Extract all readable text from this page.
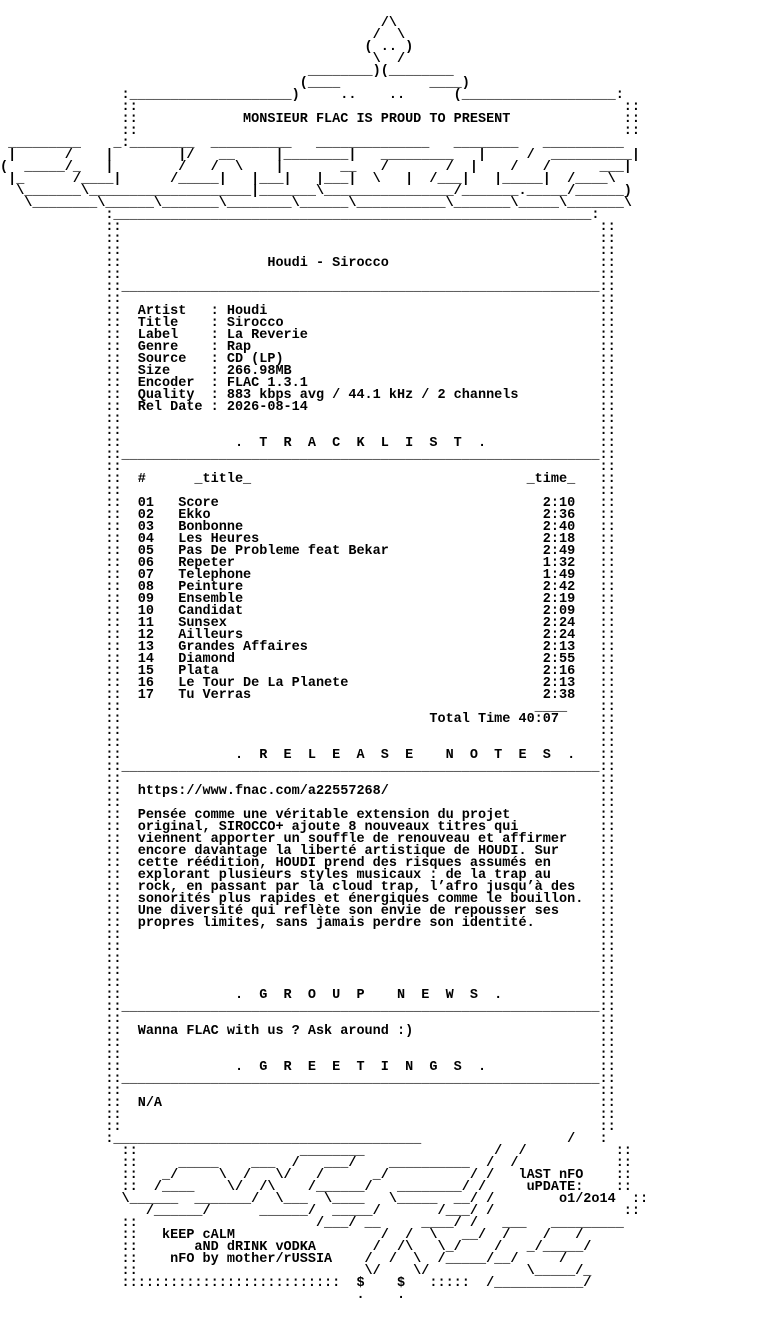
/\
/  \
( .. )
\  /
________)(________
(____           ____)
:____________________)     ..    ..      (___________________:
::                                                            ::
::             MONSIEUR FLAC IS PROUD TO PRESENT              ::
::                                                            ::
_________    _:________  __________   ______________   ________   __________
|      /    |        |/   __     |________|   _________   |     /  __________|
(  _____/_   |        /   /  \    |       __   /       /  |    /   /      ___|
|_      /____|      /_____|   |___|   |___|  \   |  /___|   |_____|  /____\
\_______\____________________|_______\________________/_______._____/______)
\________\______\_______\________\______\___________\_______\_____\_______\
:___________________________________________________________:
::                                                           ::
::                                                           ::
::                                                           ::
::                  Houdi - Sirocco                          ::
::                                                           ::
::___________________________________________________________::
::                                                           ::
::  Artist   : Houdi                                         ::
::  Title    : Sirocco                                       ::
::  Label    : La Reverie                                    ::
::  Genre    : Rap                                           ::
::  Source   : CD (LP)                                       ::
::  Size     : 266.98MB                                      ::
::  Encoder  : FLAC 1.3.1                                    ::
::  Quality  : 883 kbps avg / 44.1 kHz / 2 channels          ::
::  Rel Date : 2026-08-14                                    ::
::                                                           ::
::                                                           ::
::              .  T  R  A  C  K  L  I  S  T  .              ::
::___________________________________________________________::
::                                                           ::
::  #      _title_                                  _time_   ::
::                                                           ::
::  01   Score                                        2:10   ::
::  02   Ekko                                         2:36   ::
::  03   Bonbonne                                     2:40   ::
::  04   Les Heures                                   2:18   ::
::  05   Pas De Probleme feat Bekar                   2:49   ::
::  06   Repeter                                      1:32   ::
::  07   Telephone                                    1:49   ::
::  08   Peinture                                     2:42   ::
::  09   Ensemble                                     2:19   ::
::  10   Candidat                                     2:09   ::
::  11   Sunsex                                       2:24   ::
::  12   Ailleurs                                     2:24   ::
::  13   Grandes Affaires                             2:13   ::
::  14   Diamond                                      2:55   ::
::  15   Plata                                        2:16   ::
::  16   Le Tour De La Planete                        2:13   ::
::  17   Tu Verras                                    2:38   ::
::                                                   ____    ::
::                                      Total Time 40:07     ::
::                                                           ::
::                                                           ::
::              .  R  E  L  E  A  S  E    N  O  T  E  S  .   ::
::___________________________________________________________::
::                                                           ::
::  https://www.fnac.com/a22557268/                          ::
::                                                           ::
::  Pensée comme une véritable extension du projet           ::
::  original, SIROCCO+ ajoute 8 nouveaux titres qui          ::
::  viennent apporter un souffle de renouveau et affirmer    ::
::  encore davantage la liberté artistique de HOUDI. Sur     ::
::  cette réédition, HOUDI prend des risques assumés en      ::
::  explorant plusieurs styles musicaux : de la trap au      ::
::  rock, en passant par la cloud trap, l’afro jusqu’à des   ::
::  sonorités plus rapides et énergiques comme le bouillon.  ::
::  Une diversité qui reflète son envie de repousser ses     ::
::  propres limites, sans jamais perdre son identité.        ::
::                                                           ::
::                                                           ::
::                                                           ::
::                                                           ::
::                                                           ::
::              .  G  R  O  U  P    N  E  W  S  .            ::
::___________________________________________________________::
::                                                           ::
::  Wanna FLAC with us ? Ask around :)                       ::
::                                                           ::
::                                                           ::
::              .  G  R  E  E  T  I  N  G  S  .              ::
::___________________________________________________________::
::                                                           ::
::  N/A                                                      ::
::                                                           ::
::                                                           ::
:______________________________________                  /   :
::                    ________                /  /           ::
::     _____    ___  /   ___/    __________  /  /            ::
::   _/     \  /   \/   /      _/          / /   lAST nFO    ::
::  /____    \/  /\    /______/   ________/ /     uPDATE:    ::
\______  _______/  \___  \____   \_____  __/ /        o1/2o14  ::
/______/      ______/  _____/       /___/ /                ::
::                      /___/ __     ____/ /   ___   _________
::   kEEP cALM                  /  /  \   __/  /    /   /
::       aND dRINK vODKA       /  /\   \_/    /   _/_____/
::    nFO by mother/rUSSIA    /  /  \  /_____/__/     /
::                            \/    \/            \_____/_
:::::::::::::::::::::::::::  $    $   :::::  /___________/
.    .
